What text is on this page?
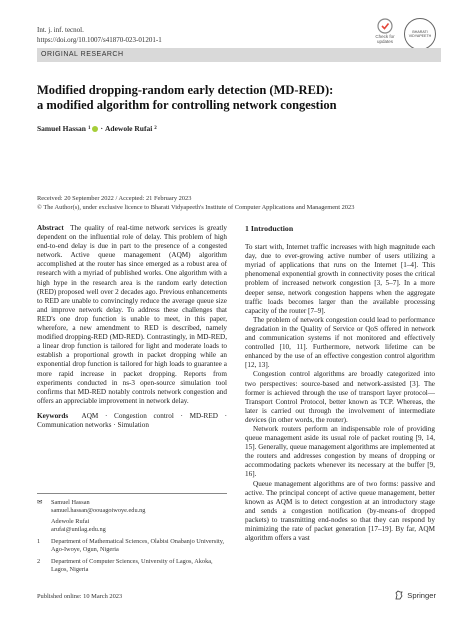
Int. j. inf. tecnol.
https://doi.org/10.1007/s41870-023-01201-1	Check for updates
BHARATI VIDYAPEETH
ORIGINAL RESEARCH
Modified dropping-random early detection (MD-RED):
a modified algorithm for controlling network congestion
Samuel Hassan 1 · Adewole Rufai 2
Received: 20 September 2022 / Accepted: 21 February 2023
© The Author(s), under exclusive licence to Bharati Vidyapeeth's Institute of Computer Applications and Management 2023

Abstract The quality of real-time network services is greatly dependent on the influential role of delay. This problem of high end-to-end delay is due in part to the presence of a congested network. Active queue management (AQM) algorithm accomplished at the router has since emerged as a robust area of research with a myriad of published works. One algorithm with a high hype in the research area is the random early detection (RED) proposed well over 2 decades ago. Previous enhancements to RED are unable to convincingly reduce the average queue size and improve network delay. To address these challenges that RED's one drop function is unable to meet, in this paper, wherefore, a new amendment to RED is described, namely modified dropping-RED (MD-RED). Contrastingly, in MD-RED, a linear drop function is tailored for light and moderate loads to establish a proportional growth in packet dropping while an exponential drop function is tailored for high loads to guarantee a more rapid increase in packet dropping. Reports from experiments conducted in ns-3 open-source simulation tool confirms that MD-RED notably controls network congestion and offers an appreciable improvement in network delay.

Keywords AQM · Congestion control · MD-RED · Communication networks · Simulation

✉	Samuel Hassan
samuel.hassan@oouagoiwoye.edu.ng
Adewole Rufai
arufai@unilag.edu.ng
1	Department of Mathematical Sciences, Olabisi Onabanjo University, Ago-Iwoye, Ogun, Nigeria
2	Department of Computer Sciences, University of Lagos, Akoka, Lagos, Nigeria

1 Introduction

To start with, Internet traffic increases with high magnitude each day, due to ever-growing active number of users utilizing a myriad of applications that runs on the Internet [1–4]. This phenomenal exponential growth in connectivity poses the critical problem of increased network congestion [3, 5–7]. In a more deeper sense, network congestion happens when the aggregate traffic loads becomes larger than the available processing capacity of the router [7–9].

The problem of network congestion could lead to performance degradation in the Quality of Service or QoS offered in network and communication systems if not monitored and effectively controlled [10, 11]. Furthermore, network lifetime can be enhanced by the use of an effective congestion control algorithm [12, 13].

Congestion control algorithms are broadly categorized into two perspectives: source-based and network-assisted [3]. The former is achieved through the use of transport layer protocol—Transport Control Protocol, better known as TCP. Whereas, the later is carried out through the involvement of intermediate devices (in other words, the router).

Network routers perform an indispensable role of providing queue management aside its usual role of packet routing [9, 14, 15]. Generally, queue management algorithms are implemented at the routers and addresses congestion by means of dropping or accommodating packets whenever its necessary at the buffer [9, 16].

Queue management algorithms are of two forms: passive and active. The principal concept of active queue management, better known as AQM is to detect congestion at an introductory stage and sends a congestion notification (by-means-of dropped packets) to transmitting end-nodes so that they can respond by minimizing the rate of packet generation [17–19]. By far, AQM algorithm offers a vast

Published online: 10 March 2023	Springer
